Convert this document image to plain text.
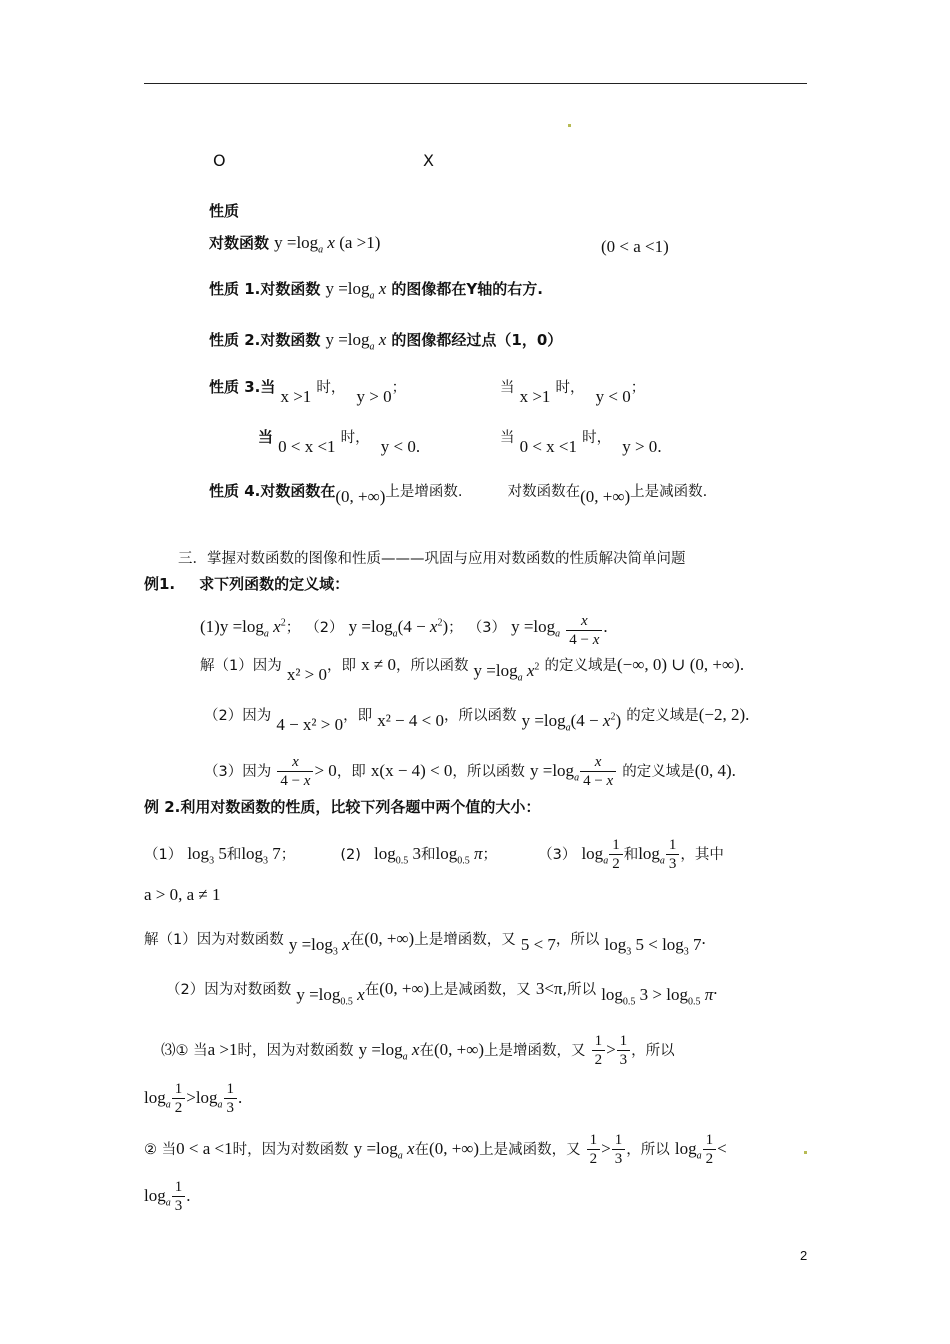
O	X
性质
对数函数 $y =\log_a$ x (a >1)	(0 < a <1)
性质 1.对数函数 $y =\log_a$ x 的图像都在Y轴的右方.
性质 2.对数函数 $y =\log_a$ x 的图像都经过点（1，0）
性质 3.当 x >1 时， y > 0；	当 x >1 时， y < 0；
当 0 < x <1 时， y < 0.	当 0 < x <1 时， y > 0.
性质 4.对数函数在(0, +∞)上是增函数.	对数函数在(0, +∞)上是减函数.
三．掌握对数函数的图像和性质———巩固与应用对数函数的性质解决简单问题
例1. 求下列函数的定义域：
$(1)y =\log_a$ $x^2$； （2） $y =\log_a(4 - x^2)$； （3） $y =\log_a \frac{x}{4 - x}$ .
解（1）因为 x² > 0，即 x ≠ 0，所以函数 $y =\log_a$ $x^2$ 的定义域是(−∞, 0) ∪ (0, +∞).
（2）因为 4 − x² > 0，即 x² − 4 < 0，所以函数 $y =\log_a(4 - x^2)$ 的定义域是(−2, 2).
（3）因为 $\frac{x}{4 - x} > 0$，即 x(x − 4) < 0，所以函数 $y =\log_a \frac{x}{4 - x}$ 的定义域是(0, 4).
例 2.利用对数函数的性质，比较下列各题中两个值的大小：
（1） $\log_3 5$和$\log_3 7$；	(2) $\log_{0.5} 3$和$\log_{0.5} \pi$；	（3） $\log_a \frac{1}{2}$ 和$\log_a \frac{1}{3}$ ，其中
a > 0, a ≠ 1
解（1）因为对数函数 $y =\log_3$ x在(0, +∞)上是增函数，又 5 < 7，所以 $\log_3 5 < \log_3 7$.
（2）因为对数函数 $y =\log_{0.5}$ x在(0, +∞)上是减函数，又 3<π,所以 $\log_{0.5} 3 > \log_{0.5} \pi$.
⑶① 当a >1时，因为对数函数 $y =\log_a$ x在(0, +∞)上是增函数，又 $\frac{1}{2} > \frac{1}{3}$ ，所以
$\log_a \frac{1}{2} >\log_a \frac{1}{3}$ .
② 当0 < a <1时，因为对数函数 $y =\log_a$ x在(0, +∞)上是减函数，又 $\frac{1}{2} > \frac{1}{3}$ ，所以 $\log_a \frac{1}{2}$ <
$\log_a \frac{1}{3}$ .
2
